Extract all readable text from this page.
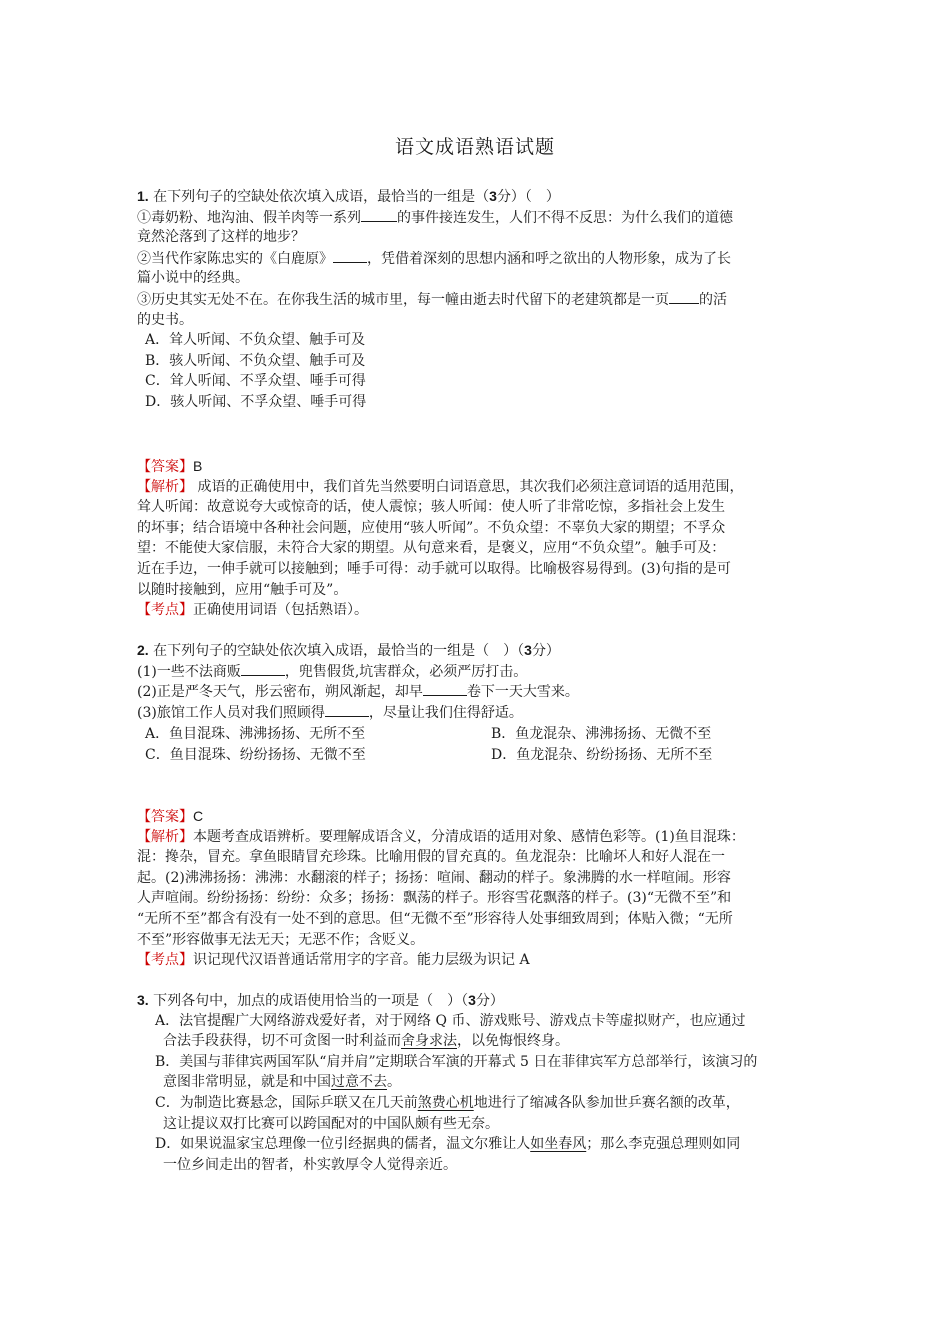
语文成语熟语试题
1. 在下列句子的空缺处依次填入成语，最恰当的一组是（3分）（　）
①毒奶粉、地沟油、假羊肉等一系列	的事件接连发生，人们不得不反思：为什么我们的道德
竟然沦落到了这样的地步？
②当代作家陈忠实的《白鹿原》 ，凭借着深刻的思想内涵和呼之欲出的人物形象，成为了长
篇小说中的经典。
③历史其实无处不在。在你我生活的城市里，每一幢由逝去时代留下的老建筑都是一页 的活
的史书。
A．耸人听闻、不负众望、触手可及
B．骇人听闻、不负众望、触手可及
C．耸人听闻、不孚众望、唾手可得
D．骇人听闻、不孚众望、唾手可得
【答案】B
【解析】 成语的正确使用中，我们首先当然要明白词语意思，其次我们必须注意词语的适用范围，
耸人听闻：故意说夸大或惊奇的话，使人震惊；骇人听闻：使人听了非常吃惊，多指社会上发生
的坏事；结合语境中各种社会问题，应使用“骇人听闻”。不负众望：不辜负大家的期望；不孚众
望：不能使大家信服，未符合大家的期望。从句意来看，是褒义，应用“不负众望”。触手可及：
近在手边，一伸手就可以接触到；唾手可得：动手就可以取得。比喻极容易得到。(3)句指的是可
以随时接触到，应用“触手可及”。
【考点】正确使用词语（包括熟语）。
2. 在下列句子的空缺处依次填入成语，最恰当的一组是（　）（3分）
(1)一些不法商贩	，兜售假货,坑害群众，必须严厉打击。
(2)正是严冬天气，彤云密布，朔风渐起，却早	卷下一天大雪来。
(3)旅馆工作人员对我们照顾得	，尽量让我们住得舒适。
A．鱼目混珠、沸沸扬扬、无所不至	B．鱼龙混杂、沸沸扬扬、无微不至
C．鱼目混珠、纷纷扬扬、无微不至	D．鱼龙混杂、纷纷扬扬、无所不至
【答案】C
【解析】本题考查成语辨析。要理解成语含义，分清成语的适用对象、感情色彩等。(1)鱼目混珠：
混：搀杂，冒充。拿鱼眼睛冒充珍珠。比喻用假的冒充真的。鱼龙混杂：比喻坏人和好人混在一
起。(2)沸沸扬扬：沸沸：水翻滚的样子；扬扬：喧闹、翻动的样子。象沸腾的水一样喧闹。形容
人声喧闹。纷纷扬扬：纷纷：众多；扬扬：飘荡的样子。形容雪花飘落的样子。(3)“无微不至”和
“无所不至”都含有没有一处不到的意思。但“无微不至”形容待人处事细致周到；体贴入微；“无所
不至”形容做事无法无天；无恶不作；含贬义。
【考点】识记现代汉语普通话常用字的字音。能力层级为识记 A
3. 下列各句中，加点的成语使用恰当的一项是（　）（3分）
A．法官提醒广大网络游戏爱好者，对于网络 Q 币、游戏账号、游戏点卡等虚拟财产，也应通过
合法手段获得，切不可贪图一时利益而舍身求法，以免悔恨终身。
B．美国与菲律宾两国军队“肩并肩”定期联合军演的开幕式 5 日在菲律宾军方总部举行，该演习的
意图非常明显，就是和中国过意不去。
C．为制造比赛悬念，国际乒联又在几天前煞费心机地进行了缩减各队参加世乒赛名额的改革，
这让提议双打比赛可以跨国配对的中国队颇有些无奈。
D．如果说温家宝总理像一位引经据典的儒者，温文尔雅让人如坐春风；那么李克强总理则如同
一位乡间走出的智者，朴实敦厚令人觉得亲近。
